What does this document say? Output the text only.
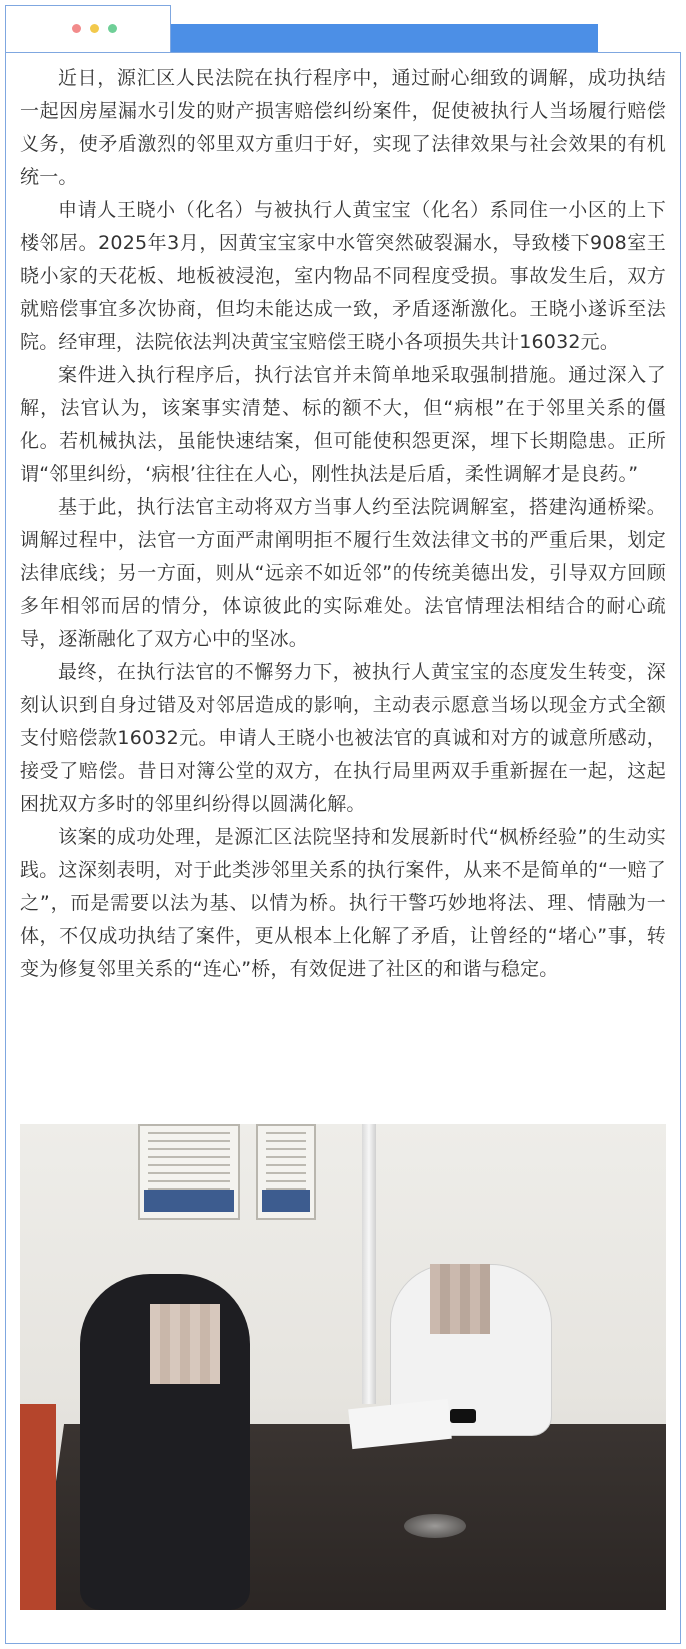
近日，源汇区人民法院在执行程序中，通过耐心细致的调解，成功执结一起因房屋漏水引发的财产损害赔偿纠纷案件，促使被执行人当场履行赔偿义务，使矛盾激烈的邻里双方重归于好，实现了法律效果与社会效果的有机统一。

申请人王晓小（化名）与被执行人黄宝宝（化名）系同住一小区的上下楼邻居。2025年3月，因黄宝宝家中水管突然破裂漏水，导致楼下908室王晓小家的天花板、地板被浸泡，室内物品不同程度受损。事故发生后，双方就赔偿事宜多次协商，但均未能达成一致，矛盾逐渐激化。王晓小遂诉至法院。经审理，法院依法判决黄宝宝赔偿王晓小各项损失共计16032元。

案件进入执行程序后，执行法官并未简单地采取强制措施。通过深入了解，法官认为，该案事实清楚、标的额不大，但“病根”在于邻里关系的僵化。若机械执法，虽能快速结案，但可能使积怨更深，埋下长期隐患。正所谓“邻里纠纷，‘病根’往往在人心，刚性执法是后盾，柔性调解才是良药。”

基于此，执行法官主动将双方当事人约至法院调解室，搭建沟通桥梁。调解过程中，法官一方面严肃阐明拒不履行生效法律文书的严重后果，划定法律底线；另一方面，则从“远亲不如近邻”的传统美德出发，引导双方回顾多年相邻而居的情分，体谅彼此的实际难处。法官情理法相结合的耐心疏导，逐渐融化了双方心中的坚冰。

最终，在执行法官的不懈努力下，被执行人黄宝宝的态度发生转变，深刻认识到自身过错及对邻居造成的影响，主动表示愿意当场以现金方式全额支付赔偿款16032元。申请人王晓小也被法官的真诚和对方的诚意所感动，接受了赔偿。昔日对簿公堂的双方，在执行局里两双手重新握在一起，这起困扰双方多时的邻里纠纷得以圆满化解。

该案的成功处理，是源汇区法院坚持和发展新时代“枫桥经验”的生动实践。这深刻表明，对于此类涉邻里关系的执行案件，从来不是简单的“一赔了之”，而是需要以法为基、以情为桥。执行干警巧妙地将法、理、情融为一体，不仅成功执结了案件，更从根本上化解了矛盾，让曾经的“堵心”事，转变为修复邻里关系的“连心”桥，有效促进了社区的和谐与稳定。
